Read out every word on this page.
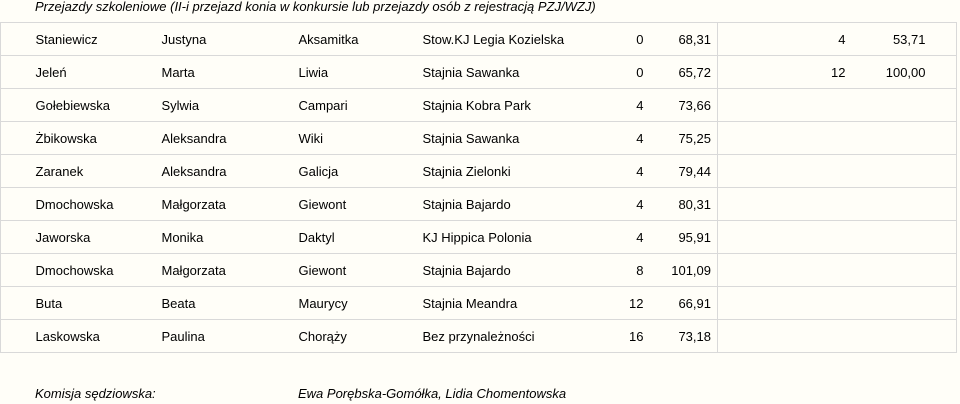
Przejazdy szkoleniowe (II-i przejazd konia w konkursie lub przejazdy osób z rejestracją PZJ/WZJ)
	Staniewicz	Justyna	Aksamitka	Stow.KJ Legia Kozielska		0	68,31		4	53,71	
	Jeleń	Marta	Liwia	Stajnia Sawanka		0	65,72		12	100,00	
	Gołebiewska	Sylwia	Campari	Stajnia Kobra Park		4	73,66				
	Żbikowska	Aleksandra	Wiki	Stajnia Sawanka		4	75,25				
	Zaranek	Aleksandra	Galicja	Stajnia Zielonki		4	79,44				
	Dmochowska	Małgorzata	Giewont	Stajnia Bajardo		4	80,31				
	Jaworska	Monika	Daktyl	KJ Hippica Polonia		4	95,91				
	Dmochowska	Małgorzata	Giewont	Stajnia Bajardo		8	101,09				
	Buta	Beata	Maurycy	Stajnia Meandra		12	66,91				
	Laskowska	Paulina	Chorąży	Bez przynależności		16	73,18				
Komisja sędziowska:	Ewa Porębska-Gomółka, Lidia Chomentowska
